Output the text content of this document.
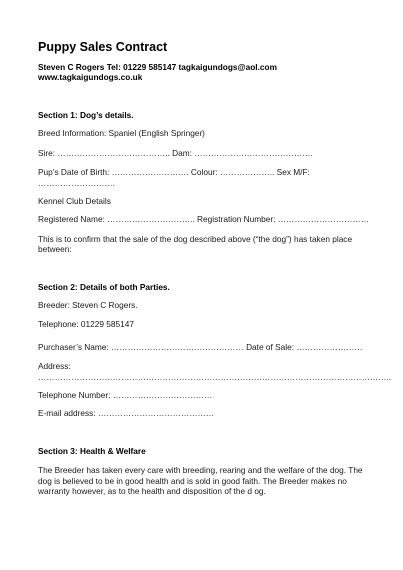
Puppy Sales Contract
Steven C Rogers Tel: 01229 585147 tagkaigundogs@aol.com
www.tagkaigundogs.co.uk
Section 1: Dog’s details.
Breed Information: Spaniel (English Springer)
Sire: ………………………………….. Dam: …………………………………….
Pup’s Date of Birth: ………………………. Colour: ……………….. Sex M/F:
……………………….
Kennel Club Details
Registered Name: ………………………….. Registration Number: ……………………………
This is to confirm that the sale of the dog described above (“the dog”) has taken place
between:
Section 2: Details of both Parties.
Breeder: Steven C Rogers.
Telephone: 01229 585147
Purchaser’s Name: ………………………………………… Date of Sale: ……………………
Address:
………………………………………………………………………………………………………………..
Telephone Number: ………………………………
E-mail address: ……………………………………
Section 3: Health & Welfare
The Breeder has taken every care with breeding, rearing and the welfare of the dog. The
dog is believed to be in good health and is sold in good faith. The Breeder makes no
warranty however, as to the health and disposition of the d og.
